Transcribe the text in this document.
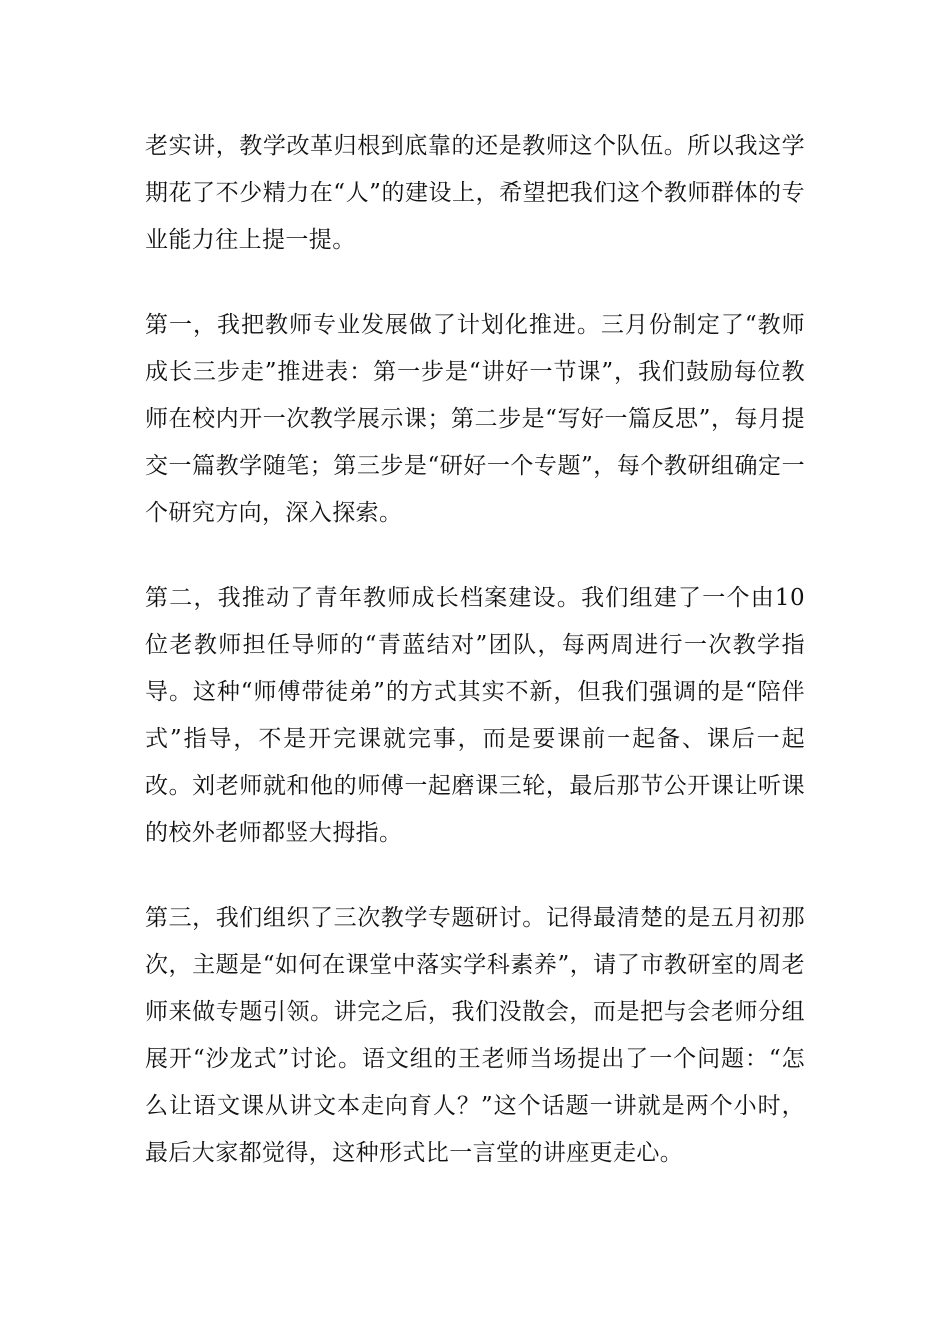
老实讲，教学改革归根到底靠的还是教师这个队伍。所以我这学期花了不少精力在“人”的建设上，希望把我们这个教师群体的专业能力往上提一提。

第一，我把教师专业发展做了计划化推进。三月份制定了“教师成长三步走”推进表：第一步是“讲好一节课”，我们鼓励每位教师在校内开一次教学展示课；第二步是“写好一篇反思”，每月提交一篇教学随笔；第三步是“研好一个专题”，每个教研组确定一个研究方向，深入探索。

第二，我推动了青年教师成长档案建设。我们组建了一个由10位老教师担任导师的“青蓝结对”团队，每两周进行一次教学指导。这种“师傅带徒弟”的方式其实不新，但我们强调的是“陪伴式”指导，不是开完课就完事，而是要课前一起备、课后一起改。刘老师就和他的师傅一起磨课三轮，最后那节公开课让听课的校外老师都竖大拇指。

第三，我们组织了三次教学专题研讨。记得最清楚的是五月初那次，主题是“如何在课堂中落实学科素养”，请了市教研室的周老师来做专题引领。讲完之后，我们没散会，而是把与会老师分组展开“沙龙式”讨论。语文组的王老师当场提出了一个问题：“怎么让语文课从讲文本走向育人？”这个话题一讲就是两个小时，最后大家都觉得，这种形式比一言堂的讲座更走心。
